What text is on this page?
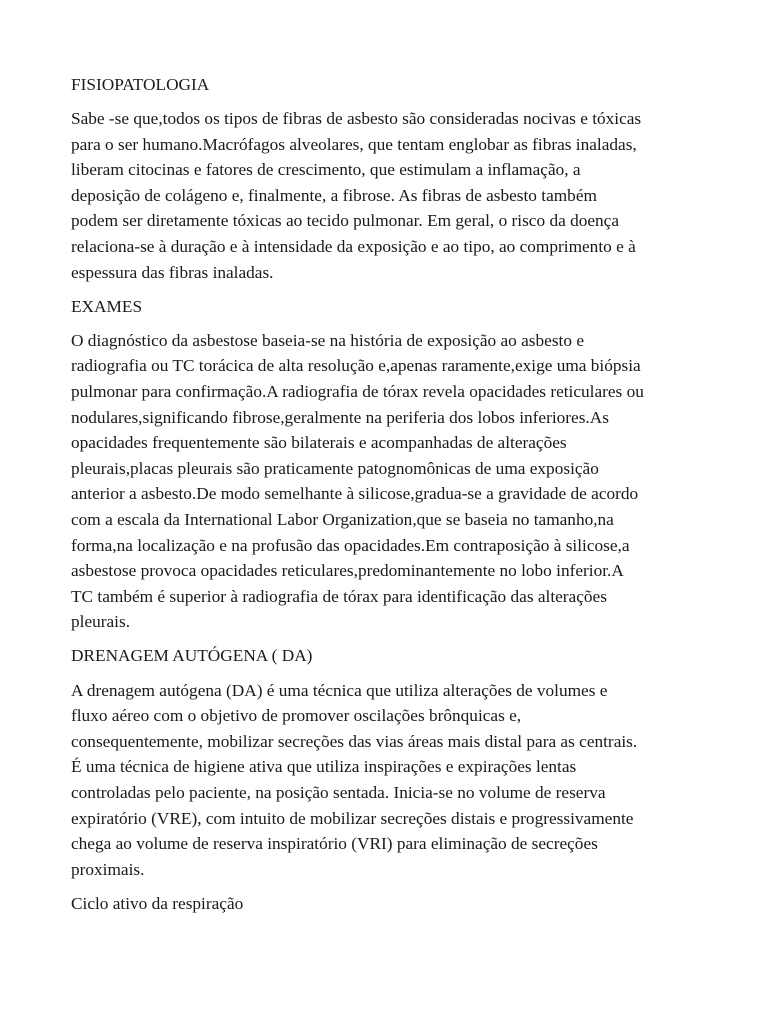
FISIOPATOLOGIA
Sabe -se que,todos os tipos de fibras de asbesto são consideradas nocivas e tóxicas
para o ser humano.Macrófagos alveolares, que tentam englobar as fibras inaladas,
liberam citocinas e fatores de crescimento, que estimulam a inflamação, a
deposição de colágeno e, finalmente, a fibrose. As fibras de asbesto também
podem ser diretamente tóxicas ao tecido pulmonar. Em geral, o risco da doença
relaciona-se à duração e à intensidade da exposição e ao tipo, ao comprimento e à
espessura das fibras inaladas.
EXAMES
O diagnóstico da asbestose baseia-se na história de exposição ao asbesto e
radiografia ou TC torácica de alta resolução e,apenas raramente,exige uma biópsia
pulmonar para confirmação.A radiografia de tórax revela opacidades reticulares ou
nodulares,significando fibrose,geralmente na periferia dos lobos inferiores.As
opacidades frequentemente são bilaterais e acompanhadas de alterações
pleurais,placas pleurais são praticamente patognomônicas de uma exposição
anterior a asbesto.De modo semelhante à silicose,gradua-se a gravidade de acordo
com a escala da International Labor Organization,que se baseia no tamanho,na
forma,na localização e na profusão das opacidades.Em contraposição à silicose,a
asbestose provoca opacidades reticulares,predominantemente no lobo inferior.A
TC também é superior à radiografia de tórax para identificação das alterações
pleurais.
DRENAGEM AUTÓGENA ( DA)
A drenagem autógena (DA) é uma técnica que utiliza alterações de volumes e
fluxo aéreo com o objetivo de promover oscilações brônquicas e,
consequentemente, mobilizar secreções das vias áreas mais distal para as centrais.
É uma técnica de higiene ativa que utiliza inspirações e expirações lentas
controladas pelo paciente, na posição sentada. Inicia-se no volume de reserva
expiratório (VRE), com intuito de mobilizar secreções distais e progressivamente
chega ao volume de reserva inspiratório (VRI) para eliminação de secreções
proximais.
Ciclo ativo da respiração
